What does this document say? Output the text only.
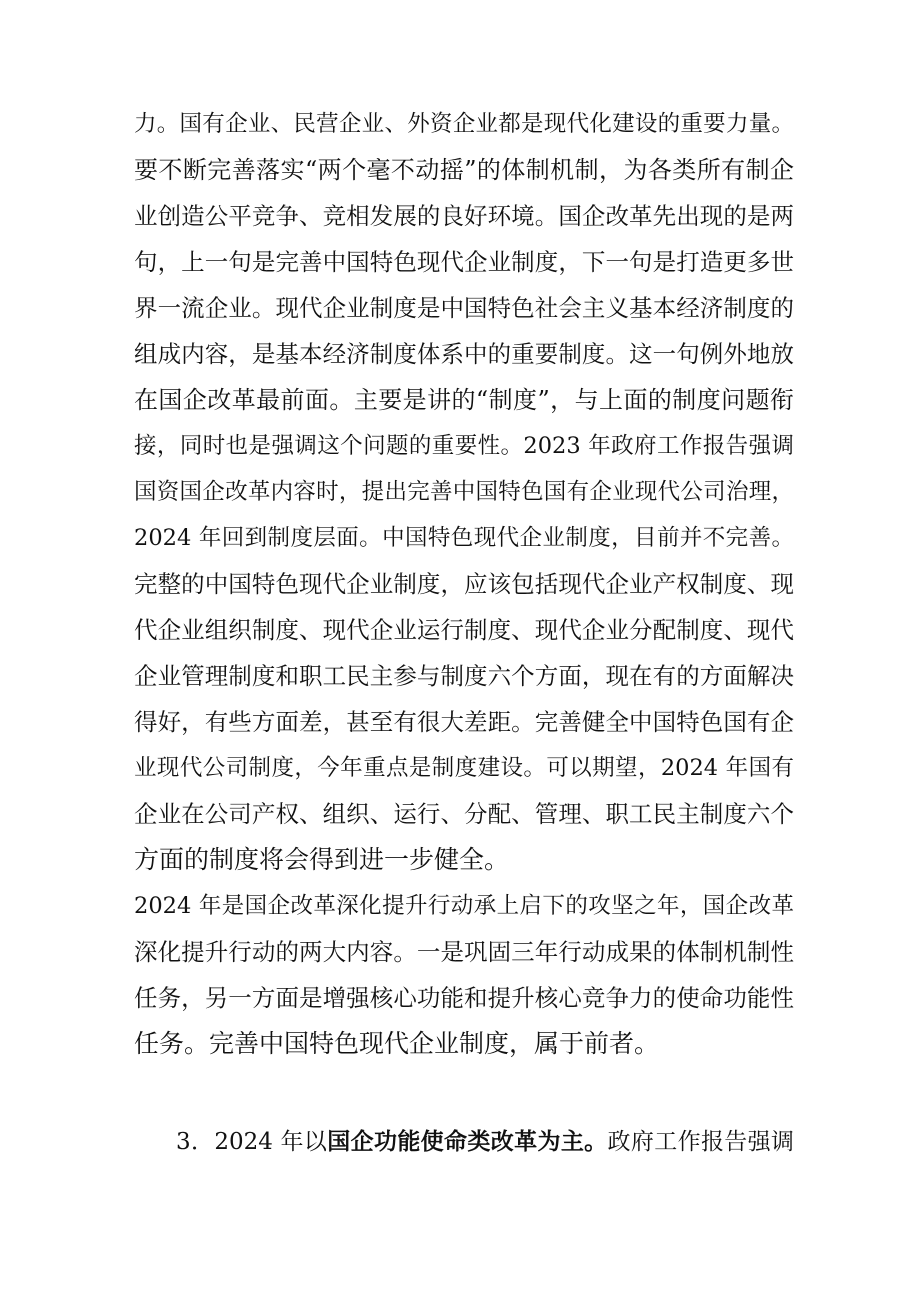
力。国有企业、民营企业、外资企业都是现代化建设的重要力量。
要不断完善落实“两个毫不动摇”的体制机制，为各类所有制企
业创造公平竞争、竞相发展的良好环境。国企改革先出现的是两
句，上一句是完善中国特色现代企业制度，下一句是打造更多世
界一流企业。现代企业制度是中国特色社会主义基本经济制度的
组成内容，是基本经济制度体系中的重要制度。这一句例外地放
在国企改革最前面。主要是讲的“制度”，与上面的制度问题衔
接，同时也是强调这个问题的重要性。2023 年政府工作报告强调
国资国企改革内容时，提出完善中国特色国有企业现代公司治理，
2024 年回到制度层面。中国特色现代企业制度，目前并不完善。
完整的中国特色现代企业制度，应该包括现代企业产权制度、现
代企业组织制度、现代企业运行制度、现代企业分配制度、现代
企业管理制度和职工民主参与制度六个方面，现在有的方面解决
得好，有些方面差，甚至有很大差距。完善健全中国特色国有企
业现代公司制度，今年重点是制度建设。可以期望，2024 年国有
企业在公司产权、组织、运行、分配、管理、职工民主制度六个
方面的制度将会得到进一步健全。
2024 年是国企改革深化提升行动承上启下的攻坚之年，国企改革
深化提升行动的两大内容。一是巩固三年行动成果的体制机制性
任务，另一方面是增强核心功能和提升核心竞争力的使命功能性
任务。完善中国特色现代企业制度，属于前者。
3．2024 年以国企功能使命类改革为主。政府工作报告强调
